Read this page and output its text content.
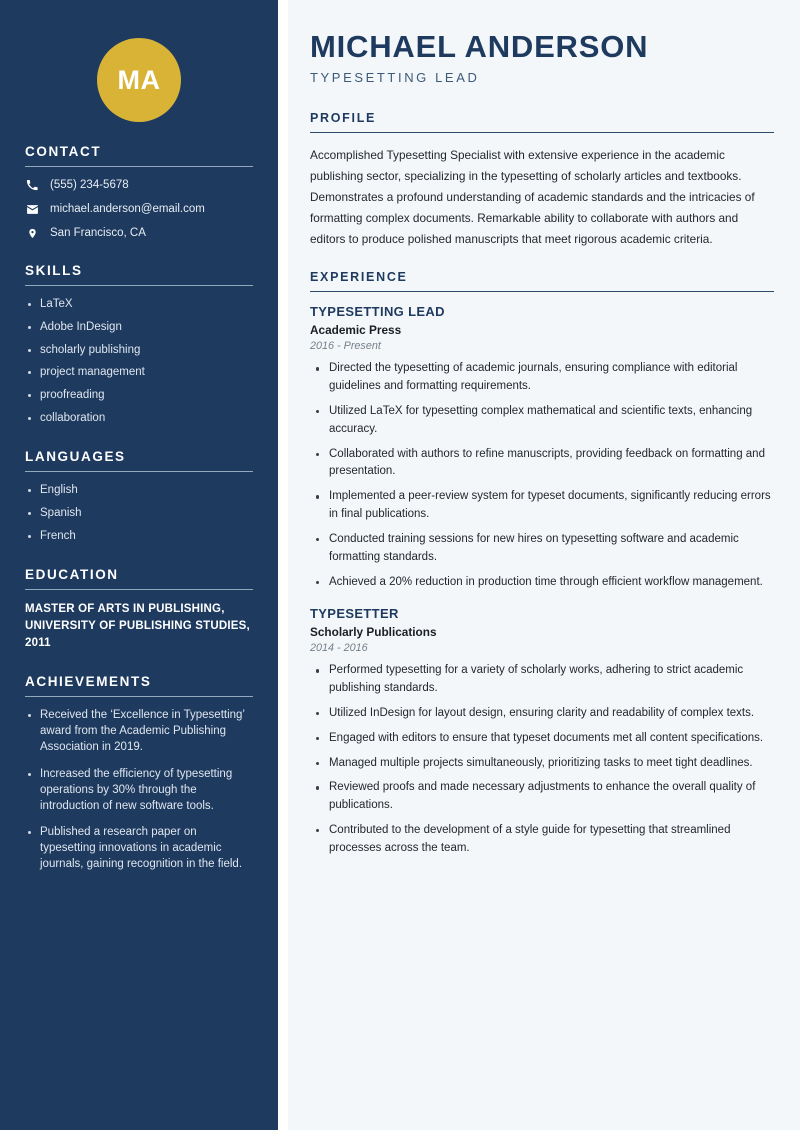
MA
CONTACT
(555) 234-5678
michael.anderson@email.com
San Francisco, CA
SKILLS
LaTeX
Adobe InDesign
scholarly publishing
project management
proofreading
collaboration
LANGUAGES
English
Spanish
French
EDUCATION
MASTER OF ARTS IN PUBLISHING, UNIVERSITY OF PUBLISHING STUDIES, 2011
ACHIEVEMENTS
Received the ‘Excellence in Typesetting’ award from the Academic Publishing Association in 2019.
Increased the efficiency of typesetting operations by 30% through the introduction of new software tools.
Published a research paper on typesetting innovations in academic journals, gaining recognition in the field.
MICHAEL ANDERSON
TYPESETTING LEAD
PROFILE

Accomplished Typesetting Specialist with extensive experience in the academic publishing sector, specializing in the typesetting of scholarly articles and textbooks. Demonstrates a profound understanding of academic standards and the intricacies of formatting complex documents. Remarkable ability to collaborate with authors and editors to produce polished manuscripts that meet rigorous academic criteria.

EXPERIENCE
TYPESETTING LEAD
Academic Press
2016 - Present
Directed the typesetting of academic journals, ensuring compliance with editorial guidelines and formatting requirements.
Utilized LaTeX for typesetting complex mathematical and scientific texts, enhancing accuracy.
Collaborated with authors to refine manuscripts, providing feedback on formatting and presentation.
Implemented a peer-review system for typeset documents, significantly reducing errors in final publications.
Conducted training sessions for new hires on typesetting software and academic formatting standards.
Achieved a 20% reduction in production time through efficient workflow management.
TYPESETTER
Scholarly Publications
2014 - 2016
Performed typesetting for a variety of scholarly works, adhering to strict academic publishing standards.
Utilized InDesign for layout design, ensuring clarity and readability of complex texts.
Engaged with editors to ensure that typeset documents met all content specifications.
Managed multiple projects simultaneously, prioritizing tasks to meet tight deadlines.
Reviewed proofs and made necessary adjustments to enhance the overall quality of publications.
Contributed to the development of a style guide for typesetting that streamlined processes across the team.
